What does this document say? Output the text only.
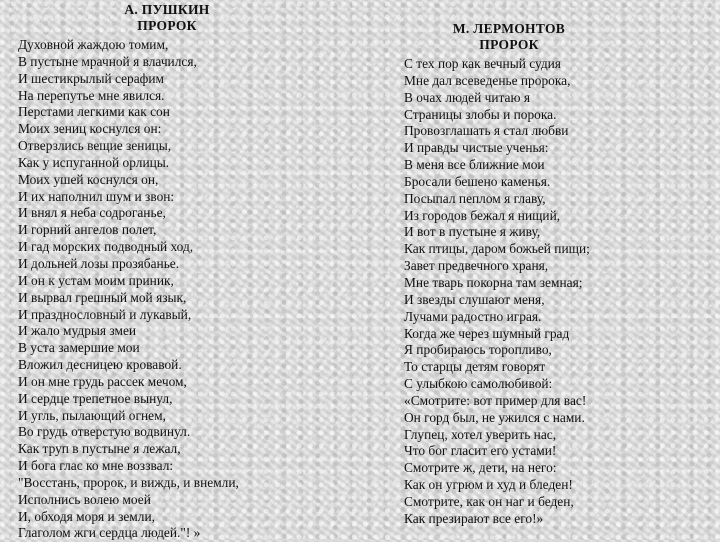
А. ПУШКИН
ПРОРОК
Духовной жаждою томим,
В пустыне мрачной я влачился,
И шестикрылый серафим
На перепутье мне явился.
Перстами легкими как сон
Моих зениц коснулся он:
Отверзлись вещие зеницы,
Как у испуганной орлицы.
Моих ушей коснулся он,
И их наполнил шум и звон:
И внял я неба содроганье,
И горний ангелов полет,
И гад морских подводный ход,
И дольней лозы прозябанье.
И он к устам моим приник,
И вырвал грешный мой язык,
И празднословный и лукавый,
И жало мудрыя змеи
В уста замершие мои
Вложил десницею кровавой.
И он мне грудь рассек мечом,
И сердце трепетное вынул,
И угль, пылающий огнем,
Во грудь отверстую водвинул.
Как труп в пустыне я лежал,
И бога глас ко мне воззвал:
"Восстань, пророк, и виждь, и внемли,
Исполнись волею моей
И, обходя моря и земли,
Глаголом жги сердца людей."! »
М. ЛЕРМОНТОВ
ПРОРОК
С тех пор как вечный судия
Мне дал всеведенье пророка,
В очах людей читаю я
Страницы злобы и порока.
Провозглашать я стал любви
И правды чистые ученья:
В меня все ближние мои
Бросали бешено каменья.
Посыпал пеплом я главу,
Из городов бежал я нищий,
И вот в пустыне я живу,
Как птицы, даром божьей пищи;
Завет предвечного храня,
Мне тварь покорна там земная;
И звезды слушают меня,
Лучами радостно играя.
Когда же через шумный град
Я пробираюсь торопливо,
То старцы детям говорят
С улыбкою самолюбивой:
«Смотрите: вот пример для вас!
Он горд был, не ужился с нами.
Глупец, хотел уверить нас,
Что бог гласит его устами!
Смотрите ж, дети, на него:
Как он угрюм и худ и бледен!
Смотрите, как он наг и беден,
Как презирают все его!»
